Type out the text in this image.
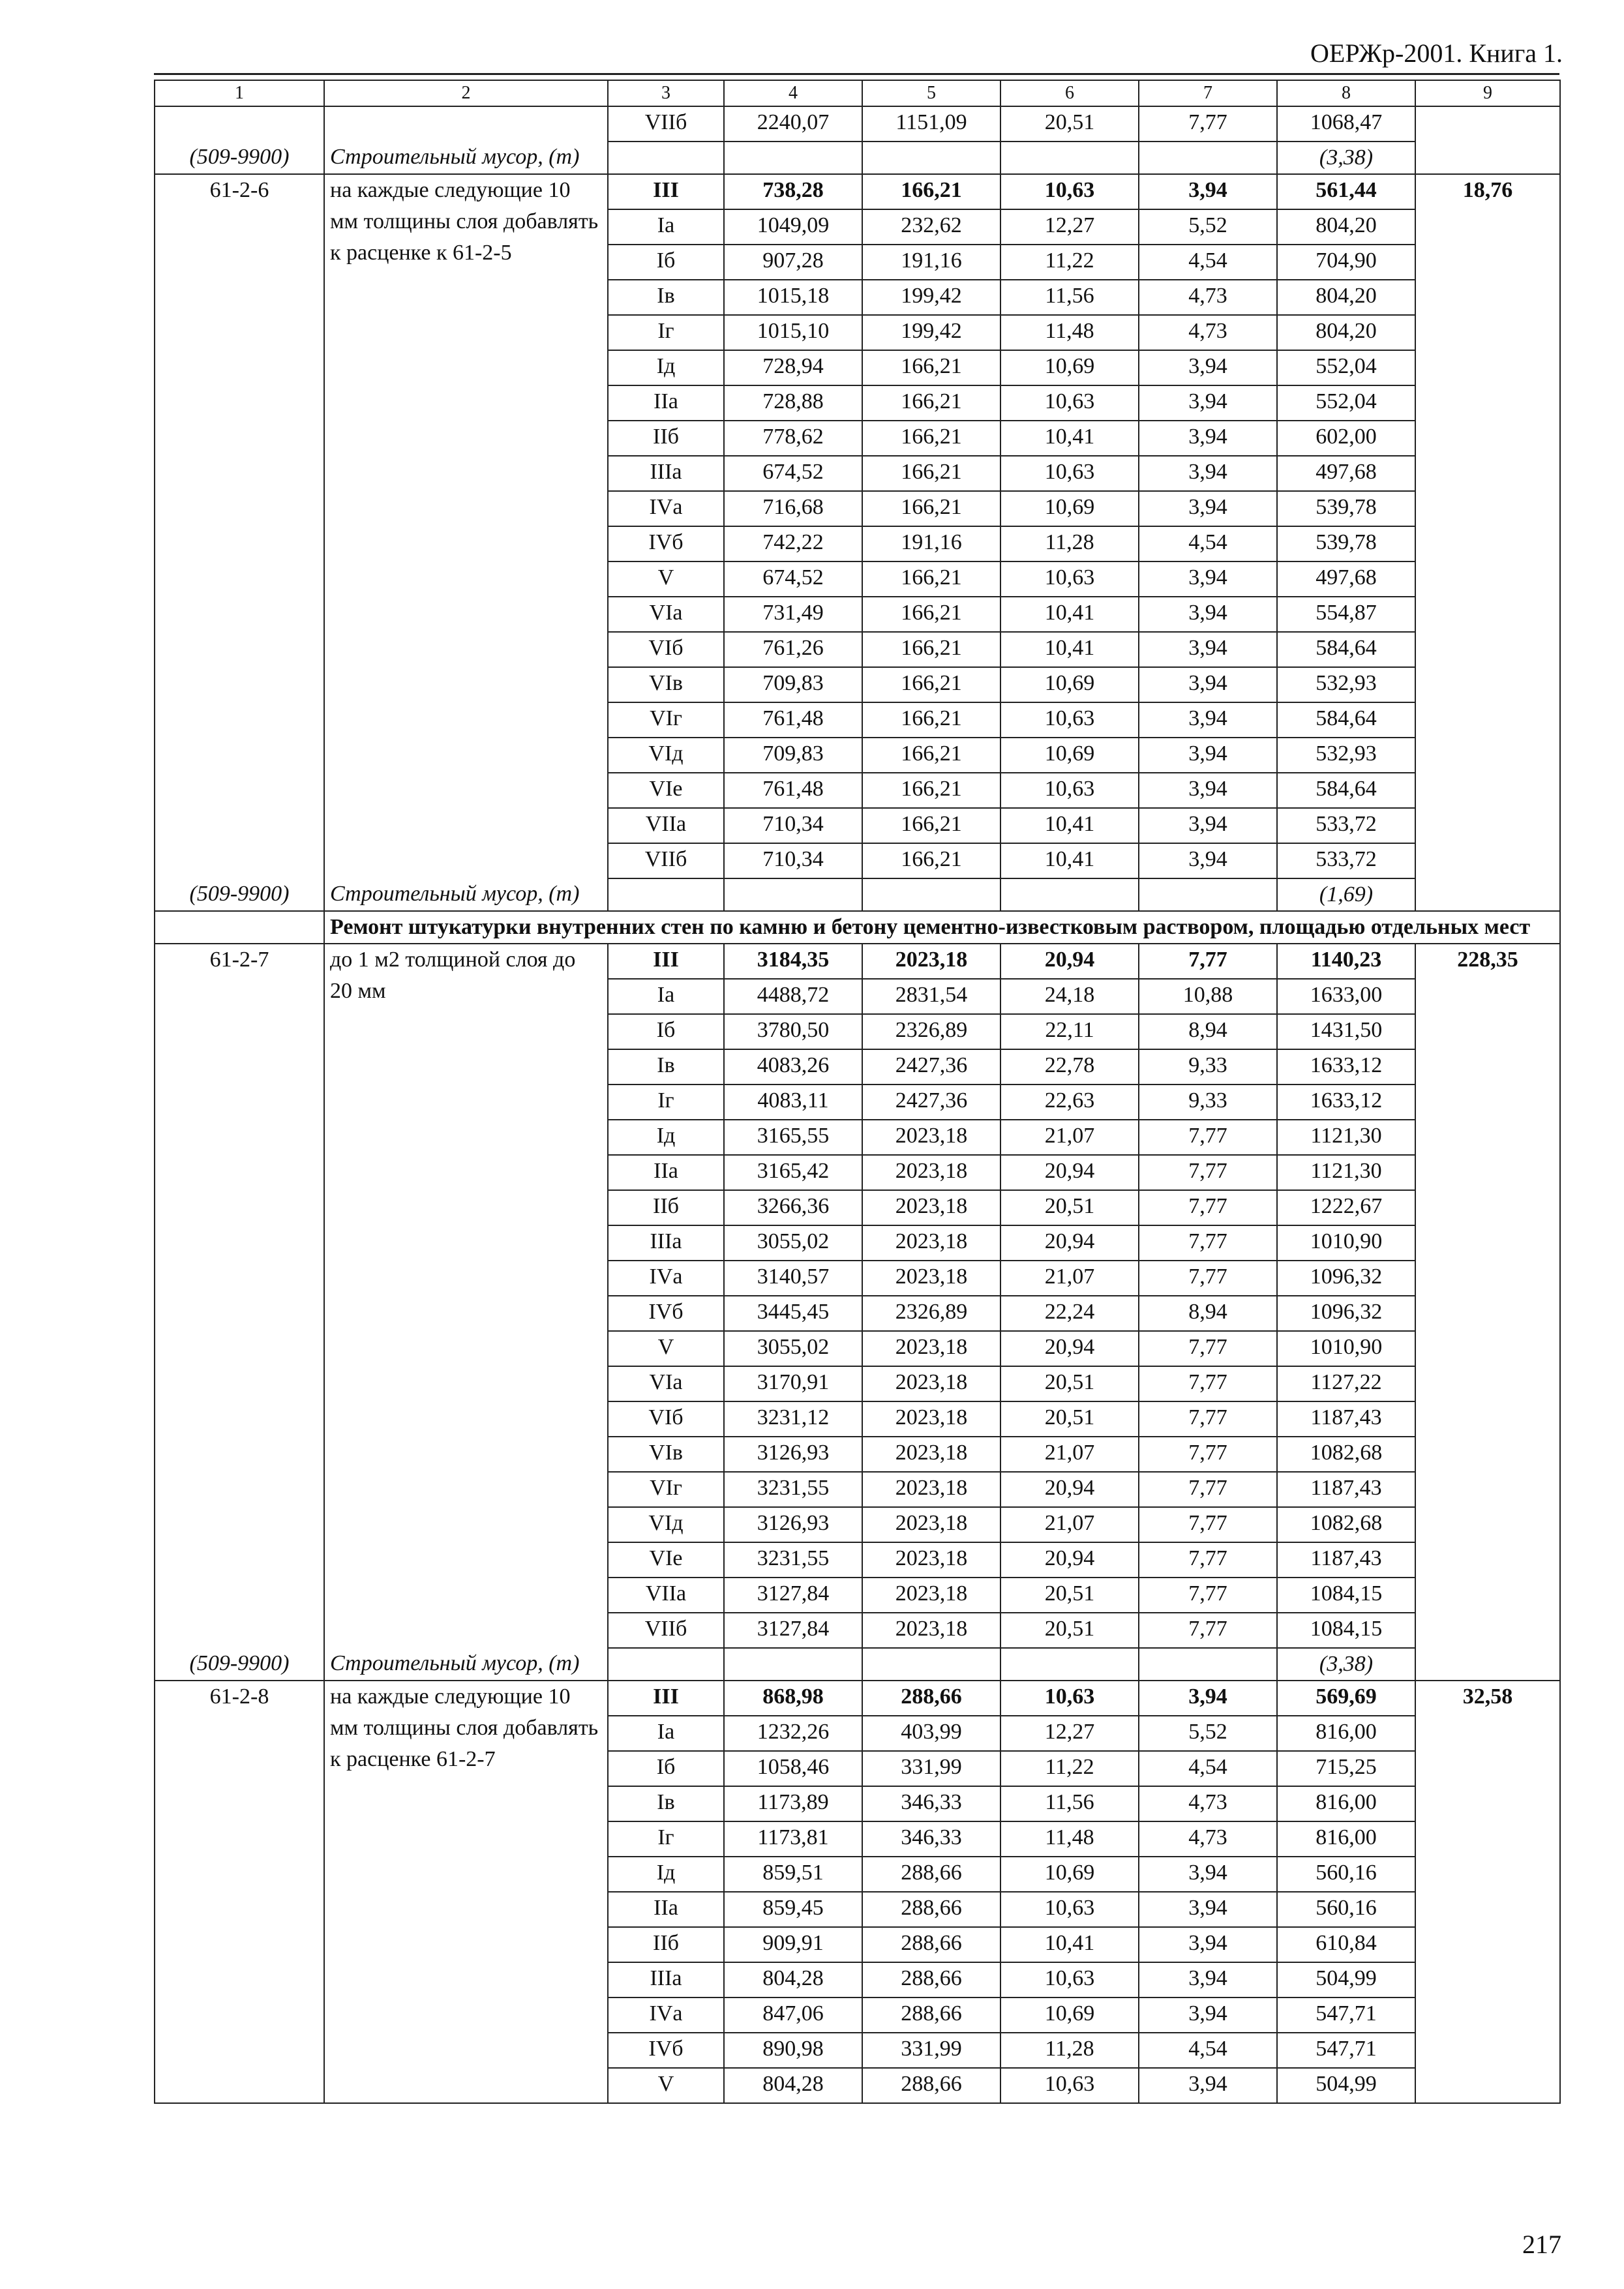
ОЕРЖр-2001. Книга 1.
1	2	3	4	5	6	7	8	9
		VIIб	2240,07	1151,09	20,51	7,77	1068,47	
(509-9900)	Строительный мусор, (т)						(3,38)	
61-2-6	на каждые следующие 10 мм толщины слоя добавлять к расценке к 61-2-5	III	738,28	166,21	10,63	3,94	561,44	18,76
		Iа	1049,09	232,62	12,27	5,52	804,20	
		Iб	907,28	191,16	11,22	4,54	704,90	
		Iв	1015,18	199,42	11,56	4,73	804,20	
		Iг	1015,10	199,42	11,48	4,73	804,20	
		Iд	728,94	166,21	10,69	3,94	552,04	
		IIа	728,88	166,21	10,63	3,94	552,04	
		IIб	778,62	166,21	10,41	3,94	602,00	
		IIIа	674,52	166,21	10,63	3,94	497,68	
		IVа	716,68	166,21	10,69	3,94	539,78	
		IVб	742,22	191,16	11,28	4,54	539,78	
		V	674,52	166,21	10,63	3,94	497,68	
		VIа	731,49	166,21	10,41	3,94	554,87	
		VIб	761,26	166,21	10,41	3,94	584,64	
		VIв	709,83	166,21	10,69	3,94	532,93	
		VIг	761,48	166,21	10,63	3,94	584,64	
		VIд	709,83	166,21	10,69	3,94	532,93	
		VIе	761,48	166,21	10,63	3,94	584,64	
		VIIа	710,34	166,21	10,41	3,94	533,72	
		VIIб	710,34	166,21	10,41	3,94	533,72	
(509-9900)	Строительный мусор, (т)						(1,69)	
	Ремонт штукатурки внутренних стен по камню и бетону цементно-известковым раствором, площадью отдельных мест							
61-2-7	до 1 м2 толщиной слоя до 20 мм	III	3184,35	2023,18	20,94	7,77	1140,23	228,35
		Iа	4488,72	2831,54	24,18	10,88	1633,00	
		Iб	3780,50	2326,89	22,11	8,94	1431,50	
		Iв	4083,26	2427,36	22,78	9,33	1633,12	
		Iг	4083,11	2427,36	22,63	9,33	1633,12	
		Iд	3165,55	2023,18	21,07	7,77	1121,30	
		IIа	3165,42	2023,18	20,94	7,77	1121,30	
		IIб	3266,36	2023,18	20,51	7,77	1222,67	
		IIIа	3055,02	2023,18	20,94	7,77	1010,90	
		IVа	3140,57	2023,18	21,07	7,77	1096,32	
		IVб	3445,45	2326,89	22,24	8,94	1096,32	
		V	3055,02	2023,18	20,94	7,77	1010,90	
		VIа	3170,91	2023,18	20,51	7,77	1127,22	
		VIб	3231,12	2023,18	20,51	7,77	1187,43	
		VIв	3126,93	2023,18	21,07	7,77	1082,68	
		VIг	3231,55	2023,18	20,94	7,77	1187,43	
		VIд	3126,93	2023,18	21,07	7,77	1082,68	
		VIе	3231,55	2023,18	20,94	7,77	1187,43	
		VIIа	3127,84	2023,18	20,51	7,77	1084,15	
		VIIб	3127,84	2023,18	20,51	7,77	1084,15	
(509-9900)	Строительный мусор, (т)						(3,38)	
61-2-8	на каждые следующие 10 мм толщины слоя добавлять к расценке 61-2-7	III	868,98	288,66	10,63	3,94	569,69	32,58
		Iа	1232,26	403,99	12,27	5,52	816,00	
		Iб	1058,46	331,99	11,22	4,54	715,25	
		Iв	1173,89	346,33	11,56	4,73	816,00	
		Iг	1173,81	346,33	11,48	4,73	816,00	
		Iд	859,51	288,66	10,69	3,94	560,16	
		IIа	859,45	288,66	10,63	3,94	560,16	
		IIб	909,91	288,66	10,41	3,94	610,84	
		IIIа	804,28	288,66	10,63	3,94	504,99	
		IVа	847,06	288,66	10,69	3,94	547,71	
		IVб	890,98	331,99	11,28	4,54	547,71	
		V	804,28	288,66	10,63	3,94	504,99	
217
